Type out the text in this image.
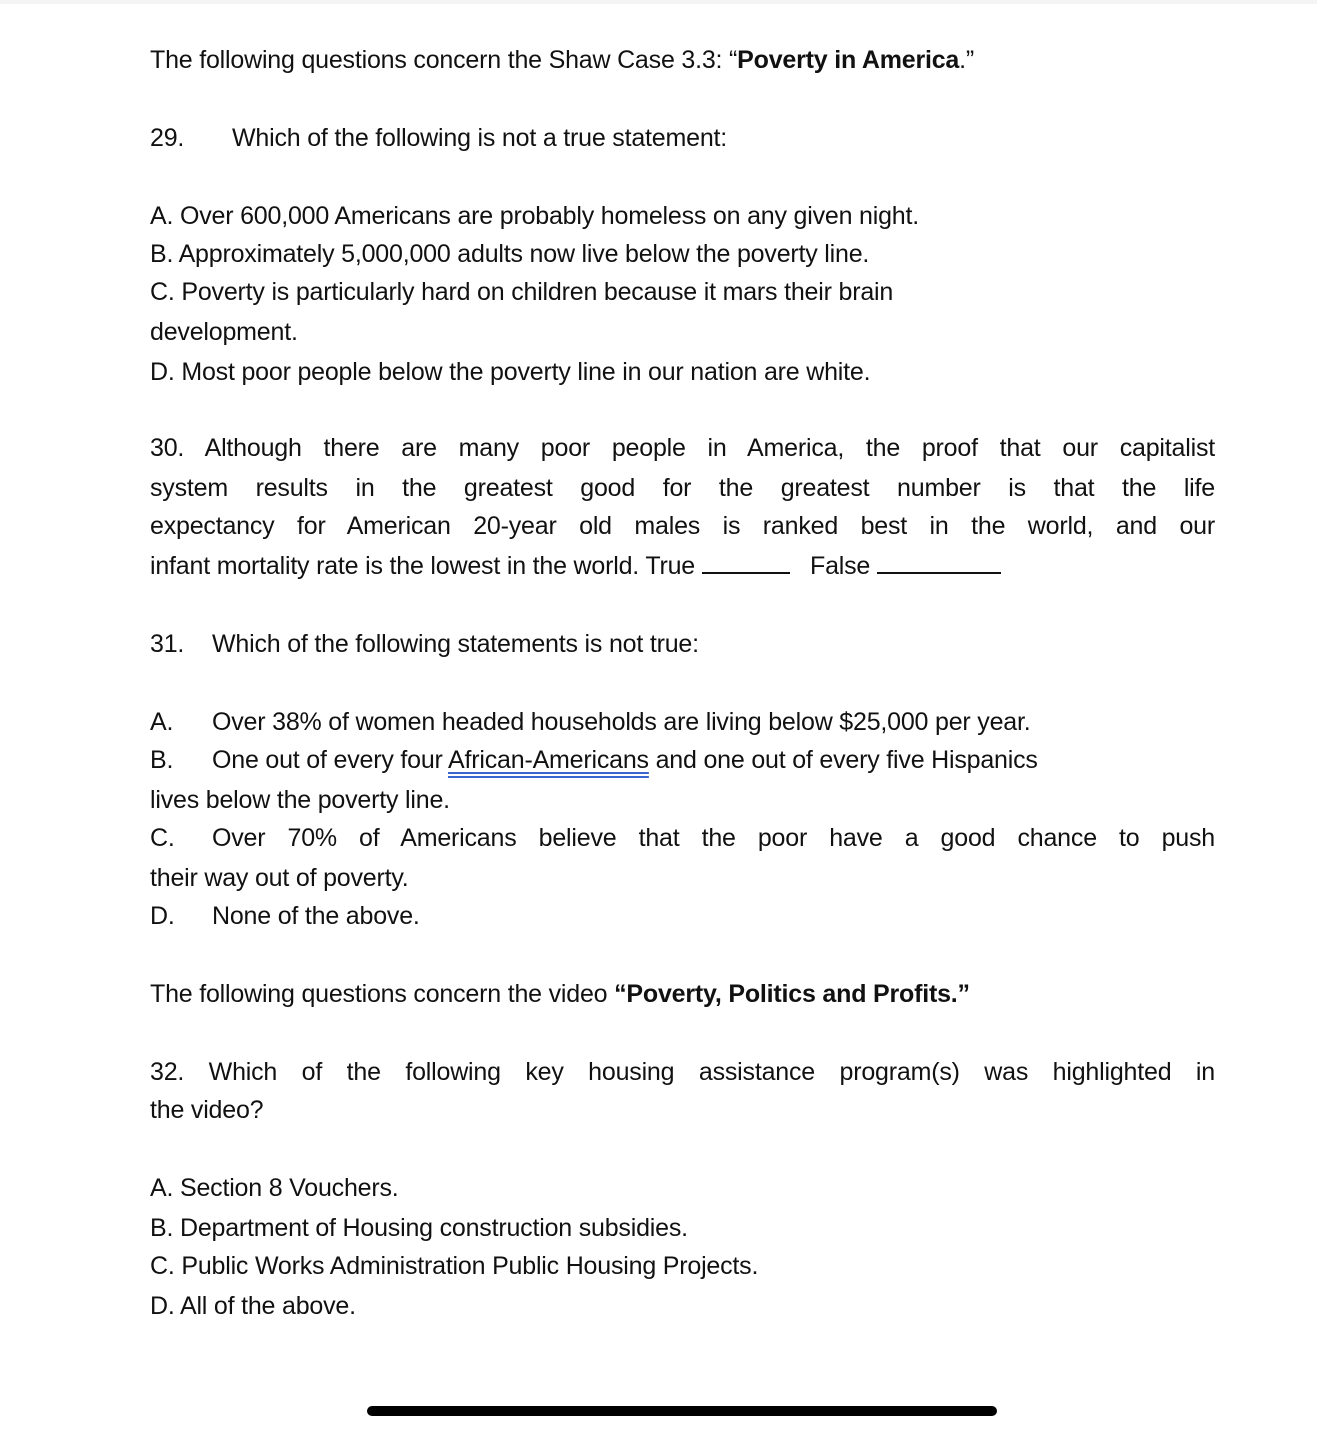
The following questions concern the Shaw Case 3.3: “Poverty in America.”
29. Which of the following is not a true statement:
A. Over 600,000 Americans are probably homeless on any given night.
B. Approximately 5,000,000 adults now live below the poverty line.
C. Poverty is particularly hard on children because it mars their brain
development.
D. Most poor people below the poverty line in our nation are white.
30. Although there are many poor people in America, the proof that our capitalist
system results in the greatest good for the greatest number is that the life
expectancy for American 20-year old males is ranked best in the world, and our
infant mortality rate is the lowest in the world. True	False
31. Which of the following statements is not true:
A. Over 38% of women headed households are living below $25,000 per year.
B. One out of every four African-Americans and one out of every five Hispanics
lives below the poverty line.
C. Over 70% of Americans believe that the poor have a good chance to push
their way out of poverty.
D. None of the above.
The following questions concern the video “Poverty, Politics and Profits.”
32. Which of the following key housing assistance program(s) was highlighted in
the video?
A. Section 8 Vouchers.
B. Department of Housing construction subsidies.
C. Public Works Administration Public Housing Projects.
D. All of the above.
